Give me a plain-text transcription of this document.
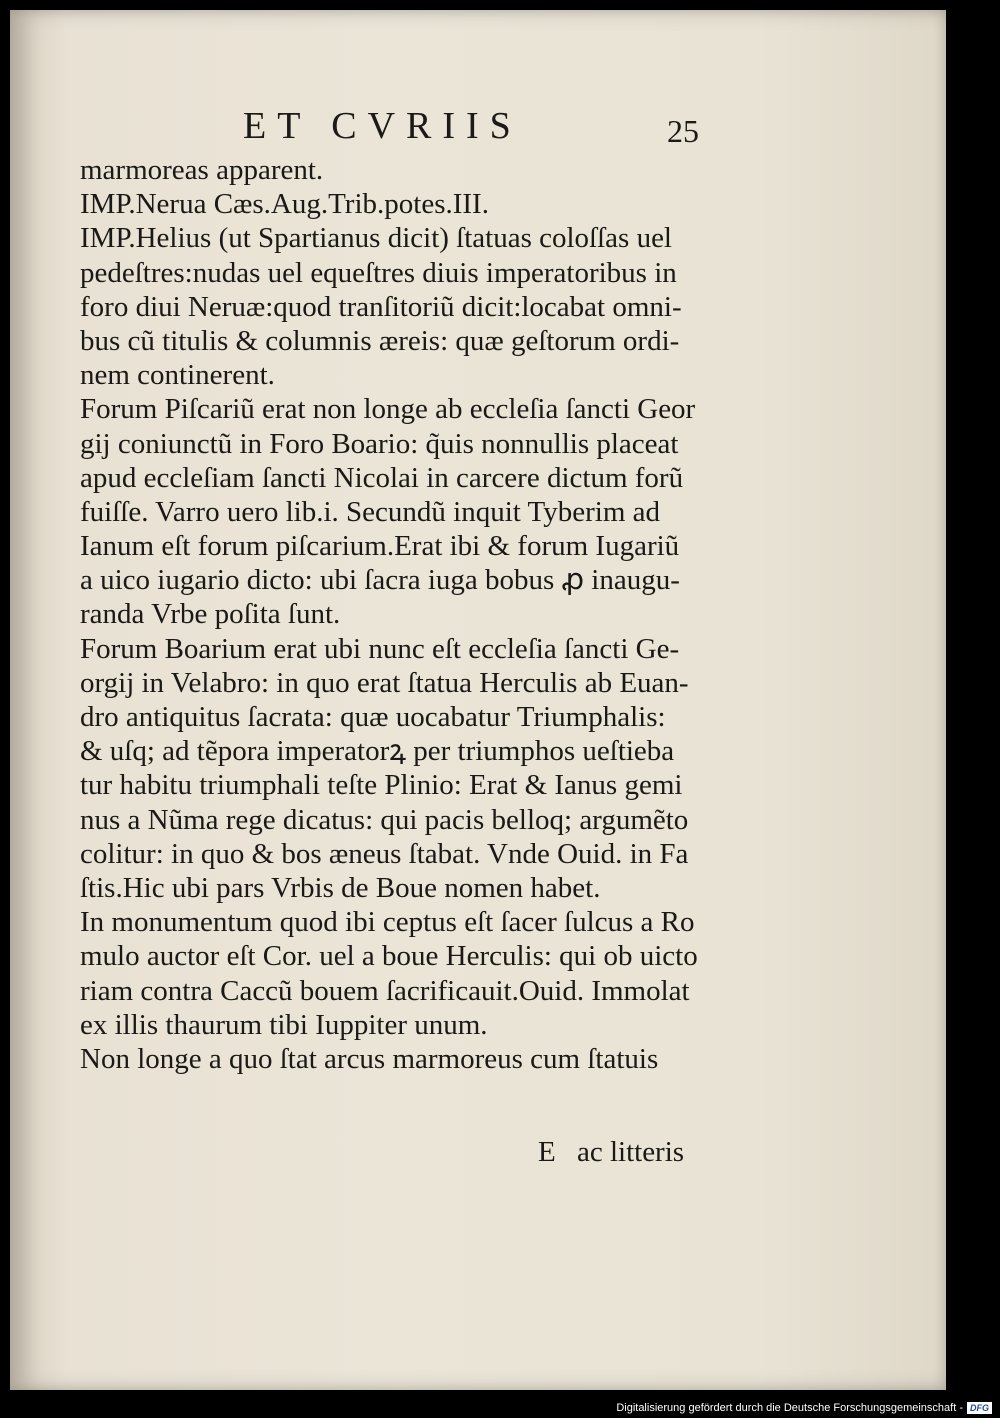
ET CVRIIS	25
marmoreas apparent.
IMP.Nerua Cæs.Aug.Trib.potes.III.
IMP.Helius (ut Spartianus dicit) ſtatuas coloſſas uel
pedeſtres:nudas uel equeſtres diuis imperatoribus in
foro diui Neruæ:quod tranſitoriũ dicit:locabat omni-
bus cũ titulis & columnis æreis: quæ geſtorum ordi-
nem continerent.
Forum Piſcariũ erat non longe ab eccleſia ſancti Geor
gij coniunctũ in Foro Boario: q̃uis nonnullis placeat
apud eccleſiam ſancti Nicolai in carcere dictum forũ
fuiſſe. Varro uero lib.i. Secundũ inquit Tyberim ad
Ianum eſt forum piſcarium.Erat ibi & forum Iugariũ
a uico iugario dicto: ubi ſacra iuga bobus ꝓ inaugu-
randa Vrbe poſita ſunt.
Forum Boarium erat ubi nunc eſt eccleſia ſancti Ge-
orgij in Velabro: in quo erat ſtatua Herculis ab Euan-
dro antiquitus ſacrata: quæ uocabatur Triumphalis:
& uſq; ad tẽpora imperatorꝝ per triumphos ueſtieba
tur habitu triumphali teſte Plinio: Erat & Ianus gemi
nus a Nũma rege dicatus: qui pacis belloq; argumẽto
colitur: in quo & bos æneus ſtabat. Vnde Ouid. in Fa
ſtis.Hic ubi pars Vrbis de Boue nomen habet.
In monumentum quod ibi ceptus eſt ſacer ſulcus a Ro
mulo auctor eſt Cor. uel a boue Herculis: qui ob uicto
riam contra Caccũ bouem ſacrificauit.Ouid. Immolat
ex illis thaurum tibi Iuppiter unum.
Non longe a quo ſtat arcus marmoreus cum ſtatuis
E ac litteris
Digitalisierung gefördert durch die Deutsche Forschungsgemeinschaft - DFG
